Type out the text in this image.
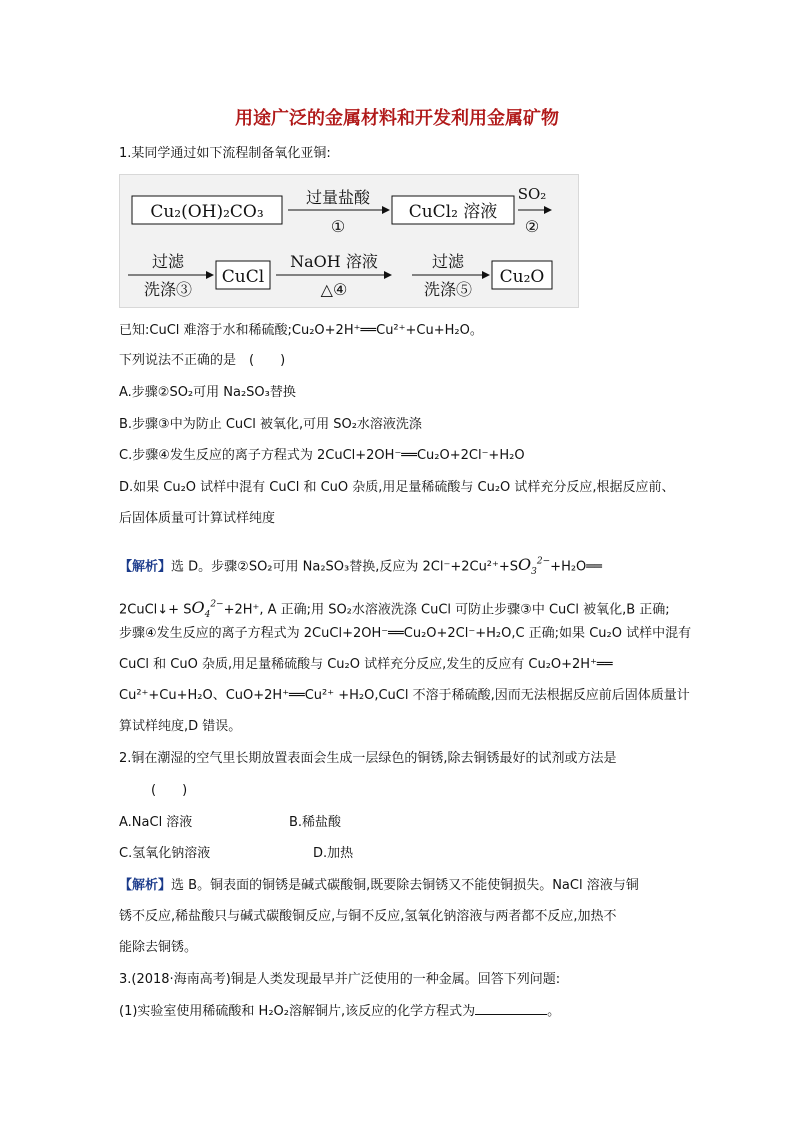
用途广泛的金属材料和开发利用金属矿物
1.某同学通过如下流程制备氧化亚铜:
Cu₂(OH)₂CO₃
过量盐酸
①
CuCl₂ 溶液
SO₂
②
过滤
洗涤③
CuCl
NaOH 溶液
△④
过滤
洗涤⑤
Cu₂O
已知:CuCl 难溶于水和稀硫酸;Cu₂O+2H⁺══Cu²⁺+Cu+H₂O。
下列说法不正确的是　(　　)
A.步骤②SO₂可用 Na₂SO₃替换
B.步骤③中为防止 CuCl 被氧化,可用 SO₂水溶液洗涤
C.步骤④发生反应的离子方程式为 2CuCl+2OH⁻══Cu₂O+2Cl⁻+H₂O
D.如果 Cu₂O 试样中混有 CuCl 和 CuO 杂质,用足量稀硫酸与 Cu₂O 试样充分反应,根据反应前、
后固体质量可计算试样纯度
【解析】选 D。步骤②SO₂可用 Na₂SO₃替换,反应为 $2Cl^-+2Cu^{2+}+SO_3^{2-}+H_2O══$
2CuCl↓+ $SO_4^{2-}+2H^+$, A 正确;用 SO₂水溶液洗涤 CuCl 可防止步骤③中 CuCl 被氧化,B 正确;
步骤④发生反应的离子方程式为 2CuCl+2OH⁻══Cu₂O+2Cl⁻+H₂O,C 正确;如果 Cu₂O 试样中混有
CuCl 和 CuO 杂质,用足量稀硫酸与 Cu₂O 试样充分反应,发生的反应有 Cu₂O+2H⁺══
Cu²⁺+Cu+H₂O、CuO+2H⁺══Cu²⁺ +H₂O,CuCl 不溶于稀硫酸,因而无法根据反应前后固体质量计
算试样纯度,D 错误。
2.铜在潮湿的空气里长期放置表面会生成一层绿色的铜锈,除去铜锈最好的试剂或方法是
(　　)
A.NaCl 溶液	B.稀盐酸
C.氢氧化钠溶液	D.加热
【解析】选 B。铜表面的铜锈是碱式碳酸铜,既要除去铜锈又不能使铜损失。NaCl 溶液与铜
锈不反应,稀盐酸只与碱式碳酸铜反应,与铜不反应,氢氧化钠溶液与两者都不反应,加热不
能除去铜锈。
3.(2018·海南高考)铜是人类发现最早并广泛使用的一种金属。回答下列问题:
(1)实验室使用稀硫酸和 H₂O₂溶解铜片,该反应的化学方程式为	。
